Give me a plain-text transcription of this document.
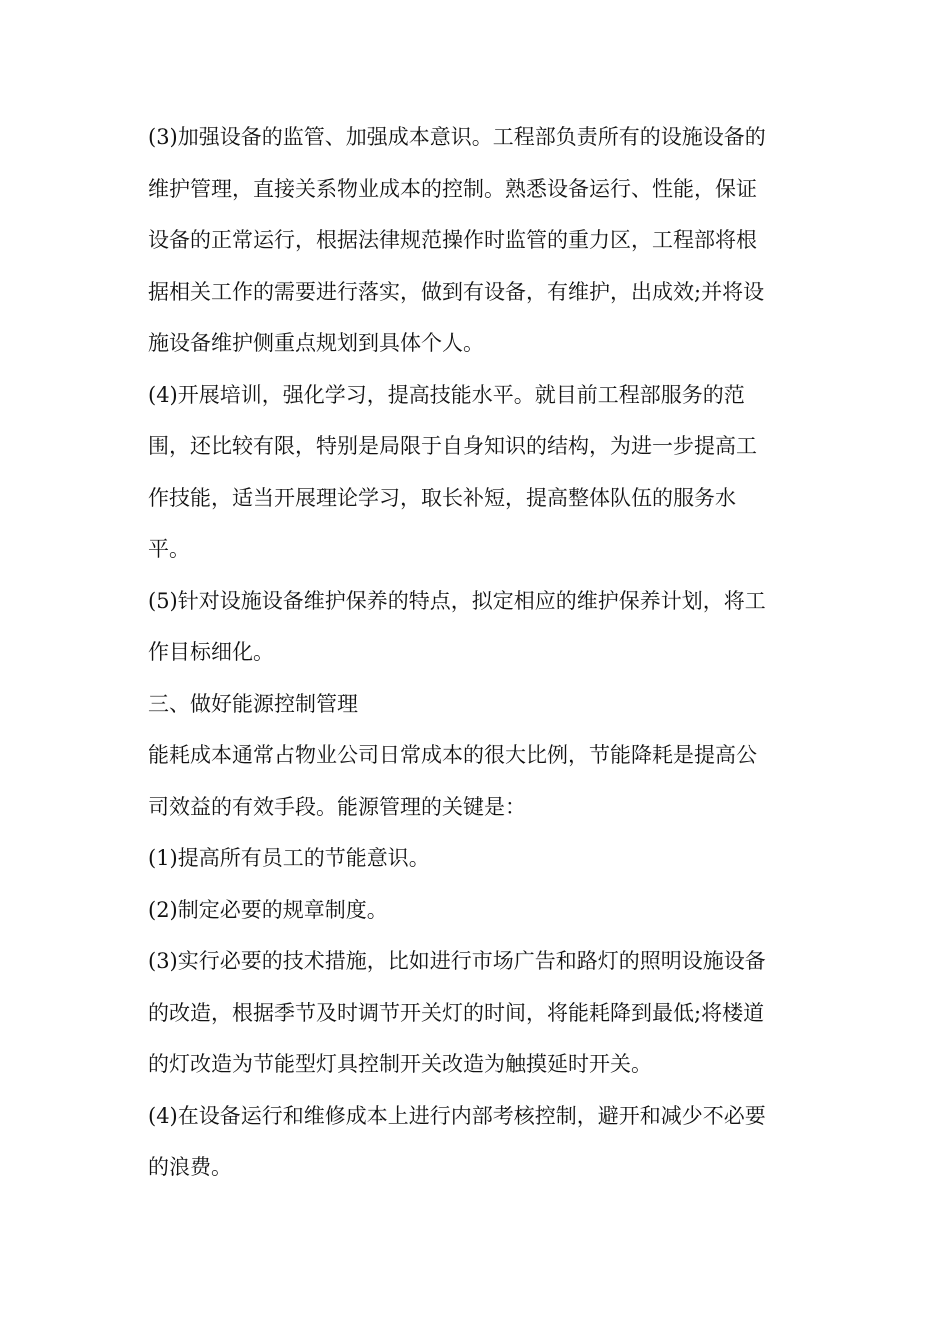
(3)加强设备的监管、加强成本意识。工程部负责所有的设施设备的
维护管理，直接关系物业成本的控制。熟悉设备运行、性能，保证
设备的正常运行，根据法律规范操作时监管的重力区，工程部将根
据相关工作的需要进行落实，做到有设备，有维护，出成效;并将设
施设备维护侧重点规划到具体个人。

(4)开展培训，强化学习，提高技能水平。就目前工程部服务的范
围，还比较有限，特别是局限于自身知识的结构，为进一步提高工
作技能，适当开展理论学习，取长补短，提高整体队伍的服务水
平。

(5)针对设施设备维护保养的特点，拟定相应的维护保养计划，将工
作目标细化。

三、做好能源控制管理

能耗成本通常占物业公司日常成本的很大比例，节能降耗是提高公
司效益的有效手段。能源管理的关键是：

(1)提高所有员工的节能意识。

(2)制定必要的规章制度。

(3)实行必要的技术措施，比如进行市场广告和路灯的照明设施设备
的改造，根据季节及时调节开关灯的时间，将能耗降到最低;将楼道
的灯改造为节能型灯具控制开关改造为触摸延时开关。

(4)在设备运行和维修成本上进行内部考核控制，避开和减少不必要
的浪费。
